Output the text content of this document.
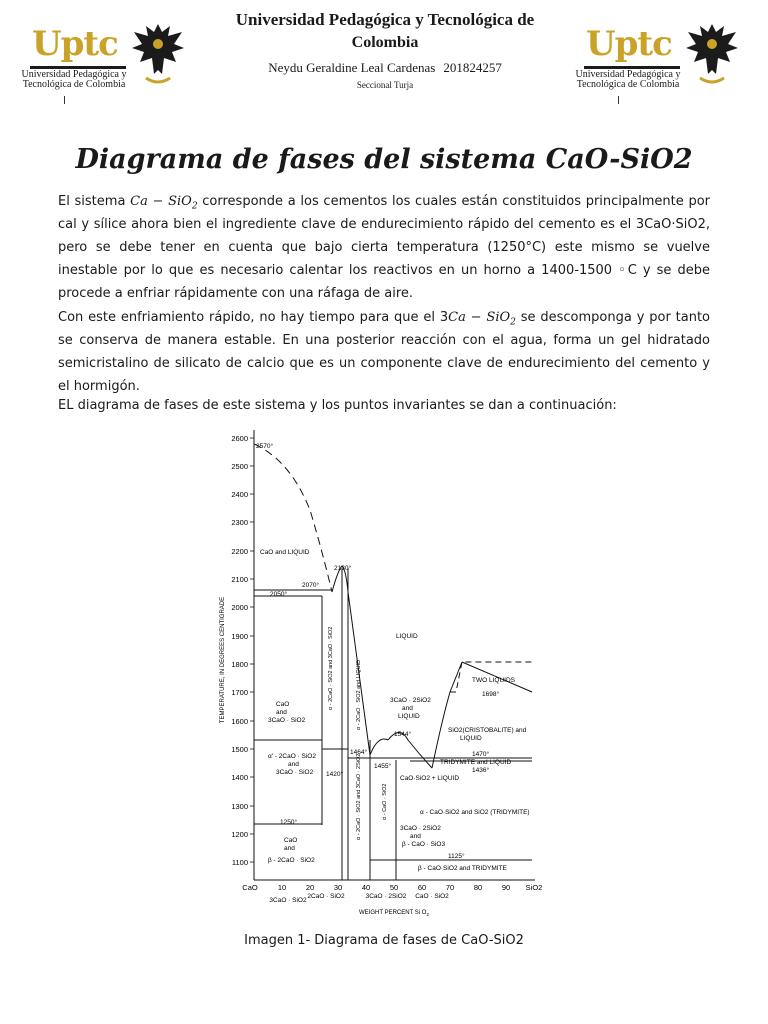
Uptc
Universidad Pedagógica y
Tecnológica de Colombia
Uptc
Universidad Pedagógica y
Tecnológica de Colombia
Universidad Pedagógica y Tecnológica de
Colombia
Neydu Geraldine Leal Cardenas 201824257
Seccional Turja
Diagrama de fases del sistema CaO-SiO2

El sistema Ca − SiO$_2$ corresponde a los cementos los cuales están constituidos principalmente por cal y sílice ahora bien el ingrediente clave de endurecimiento rápido del cemento es el 3CaO·SiO2, pero se debe tener en cuenta que bajo cierta temperatura (1250°C) este mismo se vuelve inestable por lo que es necesario calentar los reactivos en un horno a 1400-1500 ◦C y se debe procede a enfriar rápidamente con una ráfaga de aire.

Con este enfriamiento rápido, no hay tiempo para que el 3Ca − SiO$_2$ se descomponga y por tanto se conserva de manera estable. En una posterior reacción con el agua, forma un gel hidratado semicristalino de silicato de calcio que es un componente clave de endurecimiento del cemento y el hormigón.

EL diagrama de fases de este sistema y los puntos invariantes se dan a continuación:

TEMPERATURE, IN DEGREES CENTIGRADE
2600
2500
2400
2300
2200
2100
2000
1900
1800
1700
1600
1500
1400
1300
1200
1100
CaO	10	20	30	40	50	60	70	80	90 SiO2
3CaO · SiO2
2CaO · SiO2	3CaO · 2SiO2 CaO · SiO2
WEIGHT PERCENT Si $O_2$
2570°
CaO and LIQUID
2130°
2070°
2050°
LIQUID
TWO LIQUIDS
1698°
CaO
and
3CaO · SiO2
3CaO · 2SiO2
and
LIQUID
1544°
SiO2(CRISTOBALITE) and
LIQUID
1464°
1455°
1470°
TRIDYMITE and LIQUID
1436°
α' - 2CaO · SiO2
and
3CaO · SiO2 1420°
CaO·SiO2 + LIQUID
α - CaO·SiO2 and SiO2 (TRIDYMITE)
1250°
3CaO · 2SiO2
and
β - CaO · SiO3
1125°
CaO
and
β - 2CaO · SiO2
β - CaO·SiO2 and TRIDYMITE
α - 2CaO · SiO2 and 3CaO · SiO2	α - 2CaO · SiO2 and LIQUID
α - 2CaO · SiO2 and 3CaO · 2SiO2	α - CaO · SiO2
Imagen 1- Diagrama de fases de CaO-SiO2
